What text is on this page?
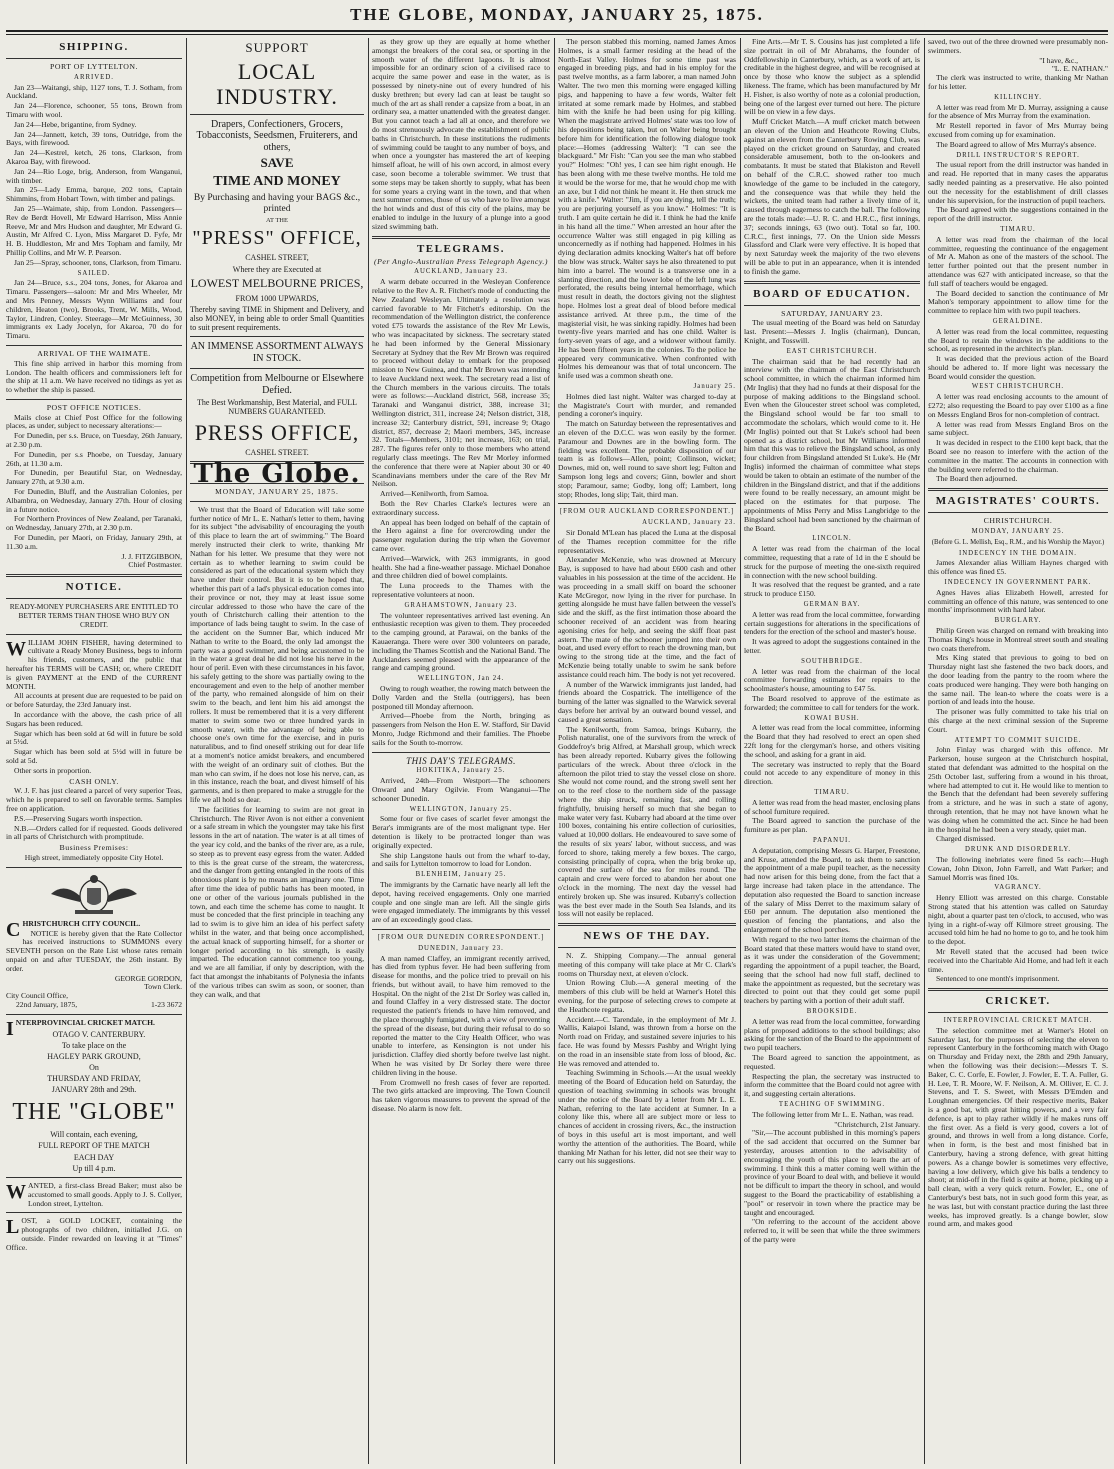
THE GLOBE, MONDAY, JANUARY 25, 1875.
SHIPPING.
PORT OF LYTTELTON.
ARRIVED.

Jan 23—Waitangi, ship, 1127 tons, T. J. Sotham, from Auckland.

Jan 24—Florence, schooner, 55 tons, Brown from Timaru with wool.

Jan 24—Hebe, brigantine, from Sydney.

Jan 24—Jannett, ketch, 39 tons, Outridge, from the Bays, with firewood.

Jan 24—Kestrel, ketch, 26 tons, Clarkson, from Akaroa Bay, with firewood.

Jan 24—Rio Loge, brig, Anderson, from Wanganui, with timber.

Jan 25—Lady Emma, barque, 202 tons, Captain Shimmins, from Hobart Town, with timber and palings.

Jan 25—Waimate, ship, from London. Passengers—Rev de Berdt Hovell, Mr Edward Harrison, Miss Annie Reeve, Mr and Mrs Hudson and daughter, Mr Edward G. Austin, Mr Alfred C. Lyon, Miss Margaret D. Fyfe, Mr H. B. Huddleston, Mr and Mrs Topham and family, Mr Phillip Collins, and Mr W. P. Pearson.

Jan 25—Spray, schooner, tons, Clarkson, from Timaru.

SAILED.

Jan 24—Bruce, s.s., 204 tons, Jones, for Akaroa and Timaru. Passengers—saloon: Mr and Mrs Wheeler, Mr and Mrs Penney, Messrs Wynn Williams and four children, Heaton (two), Brooks, Trent, W. Mills, Wood, Taylor, Lindren, Conley. Steerage—Mr McGuinness, 30 immigrants ex Lady Jocelyn, for Akaroa, 70 do for Timaru.

ARRIVAL OF THE WAIMATE.

This fine ship arrived in harbor this morning from London. The health officers and commissioners left for the ship at 11 a.m. We have received no tidings as yet as to whether the ship is passed.

POST OFFICE NOTICES.

Mails close at Chief Post Office for the following places, as under, subject to necessary alterations:—

For Dunedin, per s.s. Bruce, on Tuesday, 26th January, at 2.30 p.m.

For Dunedin, per s.s Phoebe, on Tuesday, January 26th, at 11.30 a.m.

For Dunedin, per Beautiful Star, on Wednesday, January 27th, at 9.30 a.m.

For Dunedin, Bluff, and the Australian Colonies, per Albambra, on Wednesday, January 27th. Hour of closing in a future notice.

For Northern Provinces of New Zealand, per Taranaki, on Wednesday, January 27th, at 2.30 p.m.

For Dunedin, per Maori, on Friday, January 29th, at 11.30 a.m.

J. J. FITZGIBBON,
Chief Postmaster.
NOTICE.
READY-MONEY PURCHASERS ARE ENTITLED TO BETTER TERMS THAN THOSE WHO BUY ON CREDIT.

WILLIAM JOHN FISHER, having determined to cultivate a Ready Money Business, begs to inform his friends, customers, and the public that hereafter his TERMS will be CASH; or, where CREDIT is given PAYMENT at the END of the CURRENT MONTH.

All accounts at present due are requested to be paid on or before Saturday, the 23rd January inst.

In accordance with the above, the cash price of all Sugars has been reduced.

Sugar which has been sold at 6d will in future be sold at 5½d.

Sugar which has been sold at 5½d will in future be sold at 5d.

Other sorts in proportion.

CASH ONLY.

W. J. F. has just cleared a parcel of very superior Teas, which he is prepared to sell on favorable terms. Samples free on application.

P.S.—Preserving Sugars worth inspection.

N.B.—Orders called for if requested. Goods delivered in all parts of Christchurch with promptitude.

Business Premises:
High street, immediately opposite City Hotel.

CHRISTCHURCH CITY COUNCIL.

NOTICE is hereby given that the Rate Collector has received instructions to SUMMONS every SEVENTH person on the Rate List whose rates remain unpaid on and after TUESDAY, the 26th instant. By order.

GEORGE GORDON,
Town Clerk.
City Council Office,
22nd January, 1875,	1-23 3672

INTERPROVINCIAL CRICKET MATCH.

OTAGO V. CANTERBURY.
To take place on the
HAGLEY PARK GROUND,
On
THURSDAY AND FRIDAY,
JANUARY 28th and 29th.
THE "GLOBE"
Will contain, each evening,
FULL REPORT OF THE MATCH
EACH DAY
Up till 4 p.m.

WANTED, a first-class Bread Baker; must also be accustomed to small goods. Apply to J. S. Collyer, London street, Lyttelton.

LOST, a GOLD LOCKET, containing the photographs of two children, initialled J.G. on outside. Finder rewarded on leaving it at "Times" Office.

SUPPORT
LOCAL INDUSTRY.
Drapers, Confectioners, Grocers, Tobacconists, Seedsmen, Fruiterers, and others,
SAVE
TIME AND MONEY
By Purchasing and having your BAGS &c., printed
AT THE
"PRESS" OFFICE,
CASHEL STREET,
Where they are Executed at
LOWEST MELBOURNE PRICES,
FROM 1000 UPWARDS,
Thereby saving TIME in Shipment and Delivery, and also MONEY, in being able to order Small Quantities to suit present requirements.
AN IMMENSE ASSORTMENT ALWAYS IN STOCK.
Competition from Melbourne or Elsewhere Defied.
The Best Workmanship, Best Material, and FULL NUMBERS GUARANTEED.
PRESS OFFICE,
CASHEL STREET.
The Globe.
MONDAY, JANUARY 25, 1875.

We trust that the Board of Education will take some further notice of Mr L. E. Nathan's letter to them, having for its subject "the advisability of encouraging the youth of this place to learn the art of swimming." The Board merely instructed their clerk to write, thanking Mr Nathan for his letter. We presume that they were not certain as to whether learning to swim could be considered as part of the educational system which they have under their control. But it is to be hoped that, whether this part of a lad's physical education comes into their province or not, they may at least issue some circular addressed to those who have the care of the youth of Christchurch calling their attention to the importance of lads being taught to swim. In the case of the accident on the Sumner Bar, which induced Mr Nathan to write to the Board, the only lad amongst the party was a good swimmer, and being accustomed to be in the water a great deal he did not lose his nerve in the hour of peril. Even with these circumstances in his favor, his safely getting to the shore was partially owing to the encouragement and even to the help of another member of the party, who remained alongside of him on their swim to the beach, and lent him his aid amongst the rollers. It must be remembered that it is a very different matter to swim some two or three hundred yards in smooth water, with the advantage of being able to choose one's own time for the exercise, and in puris naturalibus, and to find oneself striking out for dear life at a moment's notice amidst breakers, and encumbered with the weight of an ordinary suit of clothes. But the man who can swim, if he does not lose his nerve, can, as in this instance, reach the boat, and divest himself of his garments, and is then prepared to make a struggle for the life we all hold so dear.

The facilities for learning to swim are not great in Christchurch. The River Avon is not either a convenient or a safe stream in which the youngster may take his first lessons in the art of natation. The water is at all times of the year icy cold, and the banks of the river are, as a rule, so steep as to prevent easy egress from the water. Added to this is the great curse of the stream, the watercress, and the danger from getting entangled in the roots of this obnoxious plant is by no means an imaginary one. Time after time the idea of public baths has been mooted, in one or other of the various journals published in the town, and each time the scheme has come to naught. It must be conceded that the first principle in teaching any lad to swim is to give him an idea of his perfect safety whilst in the water, and that being once accomplished, the actual knack of supporting himself, for a shorter or longer period according to his strength, is easily imparted. The education cannot commence too young, and we are all familiar, if only by description, with the fact that amongst the inhabitants of Polynesia the infants of the various tribes can swim as soon, or sooner, than they can walk, and that

as they grow up they are equally at home whether amongst the breakers of the coral sea, or sporting in the smooth water of the different lagoons. It is almost impossible for an ordinary scion of a civilised race to acquire the same power and ease in the water, as is possessed by ninety-nine out of every hundred of his dusky brethren; but every lad can at least be taught so much of the art as shall render a capsize from a boat, in an ordinary sea, a matter unattended with the greatest danger. But you cannot teach a lad all at once, and therefore we do most strenuously advocate the establishment of public baths in Christchurch. In these institutions the rudiments of swimming could be taught to any number of boys, and when once a youngster has mastered the art of keeping himself afloat, he will of his own accord, in almost every case, soon become a tolerable swimmer. We trust that some steps may be taken shortly to supply, what has been for some years a crying want in the town, and that when next summer comes, those of us who have to live amongst the hot winds and dust of this city of the plains, may be enabled to indulge in the luxury of a plunge into a good sized swimming bath.

TELEGRAMS.
(Per Anglo-Australian Press Telegraph Agency.)
AUCKLAND, January 23.

A warm debate occurred in the Wesleyan Conference relative to the Rev A. R. Fitchett's mode of conducting the New Zealand Wesleyan. Ultimately a resolution was carried favorable to Mr Fitchett's editorship. On the recommendation of the Wellington district, the conference voted £75 towards the assistance of the Rev Mr Lewis, who was incapacitated by sickness. The secretary stated he had been informed by the General Missionary Secretary at Sydney that the Rev Mr Brown was required to proceed without delay to embark for the proposed mission to New Guinea, and that Mr Brown was intending to leave Auckland next week. The secretary read a list of the Church members in the various circuits. The totals were as follows:—Auckland district, 568, increase 35; Taranaki and Wanganui district, 388, increase 31; Wellington district, 311, increase 24; Nelson district, 318, increase 32; Canterbury district, 591, increase 9; Otago district, 857, decrease 2; Maori members, 345, increase 32. Totals—Members, 3101; net increase, 163; on trial, 287. The figures refer only to those members who attend regularly class meetings. The Rev Mr Morley informed the conference that there were at Napier about 30 or 40 Scandinavians members under the care of the Rev Mr Neilson.

Arrived—Kenilworth, from Samoa.

Both the Rev Charles Clarke's lectures were an extraordinary success.

An appeal has been lodged on behalf of the captain of the Hero against a fine for overcrowding under the passenger regulation during the trip when the Governor came over.

Arrived—Warwick, with 263 immigrants, in good health. She had a fine-weather passage. Michael Donahoe and three children died of bowel complaints.

The Luna proceeds to the Thames with the representative volunteers at noon.

GRAHAMSTOWN, January 23.

The volunteer representatives arrived last evening. An enthusiastic reception was given to them. They proceeded to the camping ground, at Parawai, on the banks of the Kauaeranga. There were over 300 volunteers on parade, including the Thames Scottish and the National Band. The Aucklanders seemed pleased with the appearance of the range and camping ground.

WELLINGTON, Jan 24.

Owing to rough weather, the rowing match between the Dolly Varden and the Stella (outriggers), has been postponed till Monday afternoon.

Arrived—Phoebe from the North, bringing as passengers from Nelson the Hon E. W. Stafford, Sir David Monro, Judge Richmond and their families. The Phoebe sails for the South to-morrow.

THIS DAY'S TELEGRAMS.
HOKITIKA, January 25.

Arrived, 24th—From Westport—The schooners Onward and Mary Ogilvie. From Wanganui—The schooner Dunedin.

WELLINGTON, January 25.

Some four or five cases of scarlet fever amongst the Berar's immigrants are of the most malignant type. Her detention is likely to be protracted longer than was originally expected.

She ship Langstone hauls out from the wharf to-day, and sails for Lyttelton tomorrow to load for London.

BLENHEIM, January 25.

The immigrants by the Carnatic have nearly all left the depot, having received engagements. Only one married couple and one single man are left. All the single girls were engaged immediately. The immigrants by this vessel are of an exceedingly good class.

[FROM OUR DUNEDIN CORRESPONDENT.]
DUNEDIN, January 23.

A man named Claffey, an immigrant recently arrived, has died from typhus fever. He had been suffering from disease for months, and the police tried to prevail on his friends, but without avail, to have him removed to the Hospital. On the night of the 21st Dr Sorley was called in, and found Claffey in a very distressed state. The doctor requested the patient's friends to have him removed, and the place thoroughly fumigated, with a view of preventing the spread of the disease, but during their refusal to do so reported the matter to the City Health Officer, who was unable to interfere, as Kensington is not under his jurisdiction. Claffey died shortly before twelve last night. When he was visited by Dr Sorley there were three children living in the house.

From Cromwell no fresh cases of fever are reported. The two girls attacked are improving. The Town Council has taken vigorous measures to prevent the spread of the disease. No alarm is now felt.

The person stabbed this morning, named James Amos Holmes, is a small farmer residing at the head of the North-East Valley. Holmes for some time past was engaged in breeding pigs, and had in his employ for the past twelve months, as a farm laborer, a man named John Walter. The two men this morning were engaged killing pigs, and happening to have a few words, Walter felt irritated at some remark made by Holmes, and stabbed him with the knife he had been using for pig killing. When the magistrate arrived Holmes' state was too low of his depositions being taken, but on Walter being brought before him for identification the following dialogue took place:—Homes (addressing Walter): "I can see the blackguard." Mr Fish: "Can you see the man who stabbed you?" Holmes: "Oh! yes, I can see him right enough. He has been along with me these twelve months. He told me it would be the worse for me, that he would chop me with an axe, but I did not think he meant it. He then struck me with a knife." Walter: "Jim, if you are dying, tell the truth; you are perjuring yourself as you know." Holmes: "It is truth. I am quite certain he did it. I think he had the knife in his hand all the time." When arrested an hour after the occurrence Walter was still engaged in pig killing as unconcernedly as if nothing had happened. Holmes in his dying declaration admits knocking Walter's hat off before the blow was struck. Walter says he also threatened to put him into a barrel. The wound is a transverse one in a slanting direction, and the lower lobe of the left lung was perforated, the results being internal hemorrhage, which must result in death, the doctors giving not the slightest hope. Holmes lost a great deal of blood before medical assistance arrived. At three p.m., the time of the magisterial visit, he was sinking rapidly. Holmes had been twenty-five years married and has one child. Walter is forty-seven years of age, and a widower without family. He has been fifteen years in the colonies. To the police he appeared very communicative. When confronted with Holmes his demeanour was that of total unconcern. The knife used was a common sheath one.

January 25.

Holmes died last night. Walter was charged to-day at the Magistrate's Court with murder, and remanded pending a coroner's inquiry.

The match on Saturday between the representatives and an eleven of the D.C.C. was won easily by the former. Paramour and Downes are in the bowling form. The fielding was excellent. The probable disposition of our team is as follows—Allen, point; Collinson, wicket; Downes, mid on, well round to save short leg; Fulton and Sampson long legs and covers; Ginn, bowler and short stop; Paramour, same; Godby, long off; Lambert, long stop; Rhodes, long slip; Tait, third man.

[FROM OUR AUCKLAND CORRESPONDENT.]
AUCKLAND, January 23.

Sir Donald M'Lean has placed the Luna at the disposal of the Thames reception committee for the rifle representatives.

Alexander McKenzie, who was drowned at Mercury Bay, is supposed to have had about £600 cash and other valuables in his possession at the time of the accident. He was proceeding in a small skiff on board the schooner Kate McGregor, now lying in the river for purchase. In getting alongside he must have fallen between the vessel's side and the skiff, as the first intimation those aboard the schooner received of an accident was from hearing agonising cries for help, and seeing the skiff float past astern. The mate of the schooner jumped into their own boat, and used every effort to reach the drowning man, but owing to the strong tide at the time, and the fact of McKenzie being totally unable to swim he sank before assistance could reach him. The body is not yet recovered.

A number of the Warwick immigrants just landed, had friends aboard the Cospatrick. The intelligence of the burning of the latter was signalled to the Warwick several days before her arrival by an outward bound vessel, and caused a great sensation.

The Kenilworth, from Samoa, brings Kubarry, the Polish naturalist, one of the survivors from the wreck of Goddefroy's brig Alfred, at Marshall group, which wreck has been already reported. Kubarry gives the following particulars of the wreck. About three o'clock in the afternoon the pilot tried to stay the vessel close on shore. She would not come round, and the strong swell sent her on to the reef close to the northern side of the passage where the ship struck, remaining fast, and rolling frightfully, bruising herself so much that she began to make water very fast. Kubarry had aboard at the time over 100 boxes, containing his entire collection of curiosities, valued at 10,000 dollars. He endeavoured to save some of the results of six years' labor, without success, and was forced to shore, taking merely a few boxes. The cargo, consisting principally of copra, when the brig broke up, covered the surface of the sea for miles round. The captain and crew were forced to abandon her about one o'clock in the morning. The next day the vessel had entirely broken up. She was insured. Kubarry's collection was the best ever made in the South Sea Islands, and its loss will not easily be replaced.

NEWS OF THE DAY.

N. Z. Shipping Company.—The annual general meeting of this company will take place at Mr C. Clark's rooms on Thursday next, at eleven o'clock.

Union Rowing Club.—A general meeting of the members of this club will be held at Warner's Hotel this evening, for the purpose of selecting crews to compete at the Heathcote regatta.

Accident.—C. Tarendale, in the employment of Mr J. Wallis, Kaiapoi Island, was thrown from a horse on the North road on Friday, and sustained severe injuries to his face. He was found by Messrs Pashby and Wright lying on the road in an insensible state from loss of blood, &c. He was removed and attended to.

Teaching Swimming in Schools.—At the usual weekly meeting of the Board of Education held on Saturday, the question of teaching swimming in schools was brought under the notice of the Board by a letter from Mr L. E. Nathan, referring to the late accident at Sumner. In a colony like this, where all are subject more or less to chances of accident in crossing rivers, &c., the instruction of boys in this useful art is most important, and well worthy the attention of the authorities. The Board, while thanking Mr Nathan for his letter, did not see their way to carry out his suggestions.

Fine Arts.—Mr T. S. Cousins has just completed a life size portrait in oil of Mr Abrahams, the founder of Oddfellowship in Canterbury, which, as a work of art, is creditable in the highest degree, and will be recognised at once by those who know the subject as a splendid likeness. The frame, which has been manufactured by Mr H. Fisher, is also worthy of note as a colonial production, being one of the largest ever turned out here. The picture will be on view in a few days.

Muff Cricket Match.—A muff cricket match between an eleven of the Union and Heathcote Rowing Clubs, against an eleven from the Canterbury Rowing Club, was played on the cricket ground on Saturday, and created considerable amusement, both to the on-lookers and combatants. It must be stated that Blakiston and Revell on behalf of the C.R.C. showed rather too much knowledge of the game to be included in the category, and the consequence was that while they held the wickets, the united team had rather a lively time of it, caused through eagerness to catch the ball. The following are the totals made:—U. R. C. and H.R.C., first innings, 37; seconds innings, 63 (two out). Total so far, 100. C.R.C., first innings, 77. On the Union side Messrs Glassford and Clark were very effective. It is hoped that by next Saturday week the majority of the two elevens will be able to put in an appearance, when it is intended to finish the game.

BOARD OF EDUCATION.
SATURDAY, JANUARY 23.

The usual meeting of the Board was held on Saturday last. Present:—Messrs J. Inglis (chairman), Duncan, Knight, and Tosswill.

EAST CHRISTCHURCH.

The chairman said that he had recently had an interview with the chairman of the East Christchurch school committee, in which the chairman informed him (Mr Inglis) that they had no funds at their disposal for the purpose of making additions to the Bingsland school. Even when the Gloucester street school was completed, the Bingsland school would be far too small to accommodate the scholars, which would come to it. He (Mr Inglis) pointed out that St Luke's school had been opened as a district school, but Mr Williams informed him that this was to relieve the Bingsland school, as only four children from Bingsland attended St Luke's. He (Mr Inglis) informed the chairman of committee what steps would be taken to obtain an estimate of the number of the children in the Bingsland district, and that if the additions were found to be really necessary, an amount might be placed on the estimates for that purpose. The appointments of Miss Perry and Miss Langbridge to the Bingsland school had been sanctioned by the chairman of the Board.

LINCOLN.

A letter was read from the chairman of the local committee, requesting that a rate of 1d in the £ should be struck for the purpose of meeting the one-sixth required in connection with the new school building.

It was resolved that the request be granted, and a rate struck to produce £150.

GERMAN BAY.

A letter was read from the local committee, forwarding certain suggestions for alterations in the specifications of tenders for the erection of the school and master's house.

It was agreed to adopt the suggestions contained in the letter.

SOUTHBRIDGE.

A letter was read from the chairman of the local committee forwarding estimates for repairs to the schoolmaster's house, amounting to £47 5s.

The Board resolved to approve of the estimate as forwarded; the committee to call for tenders for the work.

KOWAI BUSH.

A letter was read from the local committee, informing the Board that they had resolved to erect an open shed 22ft long for the clergyman's horse, and others visiting the school, and asking for a grant in aid.

The secretary was instructed to reply that the Board could not accede to any expenditure of money in this direction.

TIMARU.

A letter was read from the head master, enclosing plans of school furniture required.

The Board agreed to sanction the purchase of the furniture as per plan.

PAPANUI.

A deputation, comprising Messrs G. Harper, Freestone, and Kruse, attended the Board, to ask them to sanction the appointment of a male pupil teacher, as the necessity had now arisen for this being done, from the fact that a large increase had taken place in the attendance. The deputation also requested the Board to sanction increase of the salary of Miss Derret to the maximum salary of £60 per annum. The deputation also mentioned the question of fencing the plantations, and also the enlargement of the school porches.

With regard to the two latter items the chairman of the Board stated that these matters would have to stand over, as it was under the consideration of the Government; regarding the appointment of a pupil teacher, the Board, seeing that the school had now full staff, declined to make the appointment as requested, but the secretary was directed to point out that they could get some pupil teachers by parting with a portion of their adult staff.

BROOKSIDE.

A letter was read from the local committee, forwarding plans of proposed additions to the school buildings; also asking for the sanction of the Board to the appointment of two pupil teachers.

The Board agreed to sanction the appointment, as requested.

Respecting the plan, the secretary was instructed to inform the committee that the Board could not agree with it, and suggesting certain alterations.

TEACHING OF SWIMMING.

The following letter from Mr L. E. Nathan, was read.

"Christchurch, 21st January.

"Sir,—The account published in this morning's papers of the sad accident that occurred on the Sumner bar yesterday, arouses attention to the advisability of encouraging the youth of this place to learn the art of swimming. I think this a matter coming well within the province of your Board to deal with, and believe it would not be difficult to impart the theory in school, and would suggest to the Board the practicability of establishing a "pool" or reservoir in town where the practice may be taught and encouraged.

"On referring to the account of the accident above referred to, it will be seen that while the three swimmers of the party were

saved, two out of the three drowned were presumably non-swimmers.

"I have, &c.,
"L. E. NATHAN."

The clerk was instructed to write, thanking Mr Nathan for his letter.

KILLINCHY.

A letter was read from Mr D. Murray, assigning a cause for the absence of Mrs Murray from the examination.

Mr Restell reported in favor of Mrs Murray being excused from coming up for examination.

The Board agreed to allow of Mrs Murray's absence.

DRILL INSTRUCTOR'S REPORT.

The usual report from the drill instructor was handed in and read. He reported that in many cases the apparatus sadly needed painting as a preservative. He also pointed out the necessity for the establishment of drill classes under his supervision, for the instruction of pupil teachers.

The Board agreed with the suggestions contained in the report of the drill instructor.

TIMARU.

A letter was read from the chairman of the local committee, requesting the continuance of the engagement of Mr A. Mahon as one of the masters of the school. The letter further pointed out that the present number in attendance was 627 with anticipated increase, so that the full staff of teachers would be engaged.

The Board decided to sanction the continuance of Mr Mahon's temporary appointment to allow time for the committee to replace him with two pupil teachers.

GERALDINE.

A letter was read from the local committee, requesting the Board to retain the windows in the additions to the school, as represented in the architect's plan.

It was decided that the previous action of the Board should be adhered to. If more light was necessary the Board would consider the question.

WEST CHRISTCHURCH.

A letter was read enclosing accounts to the amount of £272; also requesting the Board to pay over £100 as a fine on Messrs England Bros for non-completion of contract.

A letter was read from Messrs England Bros on the same subject.

It was decided in respect to the £100 kept back, that the Board see no reason to interfere with the action of the committee in the matter. The accounts in connection with the building were referred to the chairman.

The Board then adjourned.

MAGISTRATES' COURTS.
CHRISTCHURCH.
MONDAY, JANUARY 25.
(Before G. L. Mellish, Esq., R.M., and his Worship the Mayor.)
INDECENCY IN THE DOMAIN.

James Alexander alias William Haynes charged with this offence was fined £5.

INDECENCY IN GOVERNMENT PARK.

Agnes Haves alias Elizabeth Howell, arrested for committing an offence of this nature, was sentenced to one months' imprisonment with hard labor.

BURGLARY.

Philip Green was charged on remand with breaking into Thomas King's house in Montreal street south and stealing two coats therefrom.

Mrs King stated that previous to going to bed on Thursday night last she fastened the two back doors, and the door leading from the pantry to the room where the coats produced were hanging. They were both hanging on the same nail. The lean-to where the coats were is a portion of and leads into the house.

The prisoner was fully committed to take his trial on this charge at the next criminal session of the Supreme Court.

ATTEMPT TO COMMIT SUICIDE.

John Finlay was charged with this offence. Mr Parkerson, house surgeon at the Christchurch hospital, stated that defendant was admitted to the hospital on the 25th October last, suffering from a wound in his throat, where had attempted to cut it. He would like to mention to the Bench that the defendant had been severely suffering from a stricture, and he was in such a state of agony, through retention, that he may not have known what he was doing when he committed the act. Since he had been in the hospital he had been a very steady, quiet man.

Charged dismissed.

DRUNK AND DISORDERLY.

The following inebriates were fined 5s each:—Hugh Cowan, John Dixon, John Farrell, and Watt Parker; and Samuel Morris was fined 10s.

VAGRANCY.

Henry Elliott was arrested on this charge. Constable Strong stated that his attention was called on Saturday night, about a quarter past ten o'clock, to accused, who was lying in a right-of-way off Kilmore street grousing. The accused told him he had no home to go to, and he took him to the depot.

Mr Revell stated that the accused had been twice received into the Charitable Aid Home, and had left it each time.

Sentenced to one month's imprisonment.

CRICKET.
INTERPROVINCIAL CRICKET MATCH.

The selection committee met at Warner's Hotel on Saturday last, for the purposes of selecting the eleven to represent Canterbury in the forthcoming match with Otago on Thursday and Friday next, the 28th and 29th January, when the following was their decision:—Messrs T. S. Baker, C. C. Corfe, E. Fowler, J. Fowler, E. T. A. Fuller, G. H. Lee, T. R. Moore, W. F. Neilson, A. M. Olliver, E. C. J. Stevens, and T. S. Sweet, with Messrs D'Emden and Loughnan emergencies. Of their respective merits, Baker is a good bat, with great hitting powers, and a very fair defence, is apt to play rather wildly if he makes runs off the first over. As a field is very good, covers a lot of ground, and throws in well from a long distance. Corfe, when in form, is the best and most finished bat in Canterbury, having a strong defence, with great hitting powers. As a change bowler is sometimes very effective, having a low delivery, which give his balls a tendency to shoot; at mid-off in the field is quite at home, picking up a ball clean, with a very quick return. Fowler, E., one of Canterbury's best bats, not in such good form this year, as he was last, but with constant practice during the last three weeks, has improved greatly. Is a change bowler, slow round arm, and makes good
